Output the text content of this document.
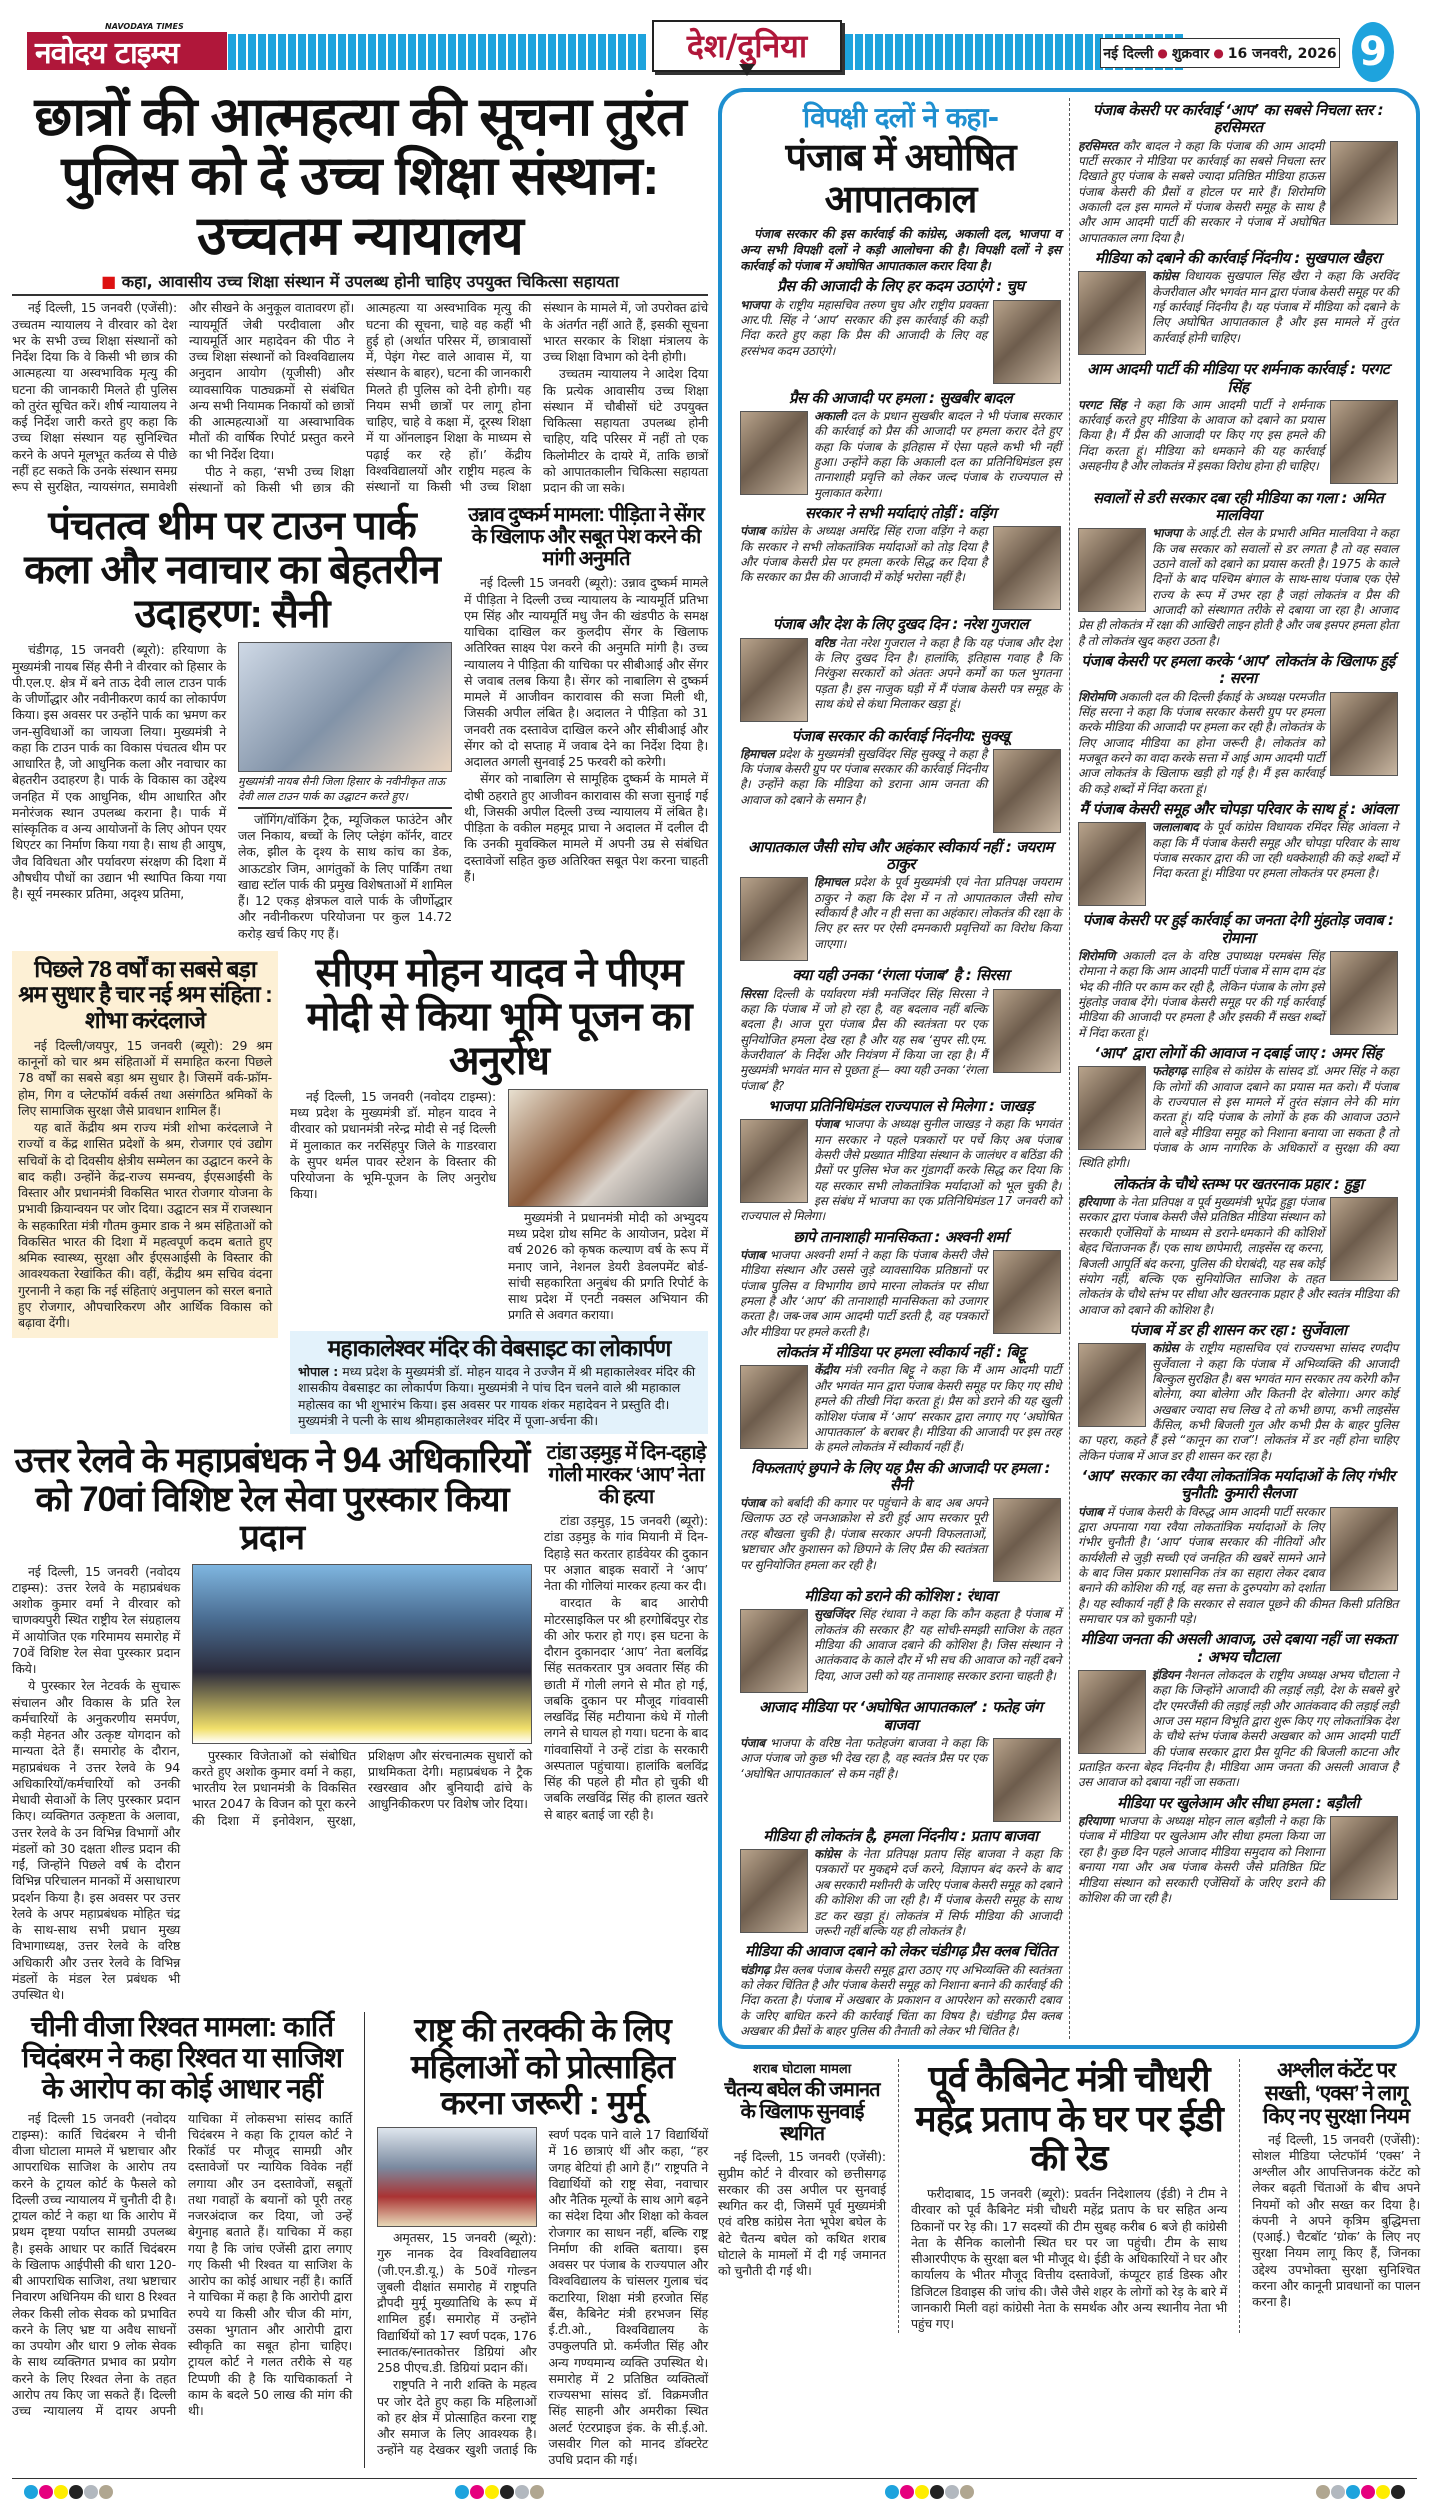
NAVODAYA TIMES
नवोदय टाइम्स	देश/दुनिया	नई दिल्ली ● शुक्रवार ● 16 जनवरी, 2026 9
छात्रों की आत्महत्या की सूचना तुरंत पुलिस को दें उच्च शिक्षा संस्थान: उच्चतम न्यायालय
■ कहा, आवासीय उच्च शिक्षा संस्थान में उपलब्ध होनी चाहिए उपयुक्त चिकित्सा सहायता

नई दिल्ली, 15 जनवरी (एजेंसी): उच्चतम न्यायालय ने वीरवार को देश भर के सभी उच्च शिक्षा संस्थानों को निर्देश दिया कि वे किसी भी छात्र की आत्महत्या या अस्वभाविक मृत्यु की घटना की जानकारी मिलते ही पुलिस को तुरंत सूचित करें। शीर्ष न्यायालय ने कई निर्देश जारी करते हुए कहा कि उच्च शिक्षा संस्थान यह सुनिश्चित करने के अपने मूलभूत कर्तव्य से पीछे नहीं हट सकते कि उनके संस्थान समग्र रूप से सुरक्षित, न्यायसंगत, समावेशी और सीखने के अनुकूल वातावरण हों। न्यायमूर्ति जेबी परदीवाला और न्यायमूर्ति आर महादेवन की पीठ ने उच्च शिक्षा संस्थानों को विश्वविद्यालय अनुदान आयोग (यूजीसी) और व्यावसायिक पाठ्यक्रमों से संबंधित अन्य सभी नियामक निकायों को छात्रों की आत्महत्याओं या अस्वाभाविक मौतों की वार्षिक रिपोर्ट प्रस्तुत करने का भी निर्देश दिया।

पीठ ने कहा, ‘सभी उच्च शिक्षा संस्थानों को किसी भी छात्र की आत्महत्या या अस्वभाविक मृत्यु की घटना की सूचना, चाहे वह कहीं भी हुई हो (अर्थात परिसर में, छात्रावासों में, पेइंग गेस्ट वाले आवास में, या संस्थान के बाहर), घटना की जानकारी मिलते ही पुलिस को देनी होगी। यह नियम सभी छात्रों पर लागू होना चाहिए, चाहे वे कक्षा में, दूरस्थ शिक्षा में या ऑनलाइन शिक्षा के माध्यम से पढ़ाई कर रहे हों।’ केंद्रीय विश्वविद्यालयों और राष्ट्रीय महत्व के संस्थानों या किसी भी उच्च शिक्षा संस्थान के मामले में, जो उपरोक्त ढांचे के अंतर्गत नहीं आते हैं, इसकी सूचना भारत सरकार के शिक्षा मंत्रालय के उच्च शिक्षा विभाग को देनी होगी।

उच्चतम न्यायालय ने आदेश दिया कि प्रत्येक आवासीय उच्च शिक्षा संस्थान में चौबीसों घंटे उपयुक्त चिकित्सा सहायता उपलब्ध होनी चाहिए, यदि परिसर में नहीं तो एक किलोमीटर के दायरे में, ताकि छात्रों को आपातकालीन चिकित्सा सहायता प्रदान की जा सके।

पंचतत्व थीम पर टाउन पार्क कला और नवाचार का बेहतरीन उदाहरण: सैनी

चंडीगढ़, 15 जनवरी (ब्यूरो): हरियाणा के मुख्यमंत्री नायब सिंह सैनी ने वीरवार को हिसार के पी.एल.ए. क्षेत्र में बने ताऊ देवी लाल टाउन पार्क के जीर्णोद्धार और नवीनीकरण कार्य का लोकार्पण किया। इस अवसर पर उन्होंने पार्क का भ्रमण कर जन-सुविधाओं का जायजा लिया। मुख्यमंत्री ने कहा कि टाउन पार्क का विकास पंचतत्व थीम पर आधारित है, जो आधुनिक कला और नवाचार का बेहतरीन उदाहरण है। पार्क के विकास का उद्देश्य जनहित में एक आधुनिक, थीम आधारित और मनोरंजक स्थान उपलब्ध कराना है। पार्क में सांस्कृतिक व अन्य आयोजनों के लिए ओपन एयर थिएटर का निर्माण किया गया है। साथ ही आयुष, जैव विविधता और पर्यावरण संरक्षण की दिशा में औषधीय पौधों का उद्यान भी स्थापित किया गया है। सूर्य नमस्कार प्रतिमा, अदृश्य प्रतिमा,

मुख्यमंत्री नायब सैनी जिला हिसार के नवीनीकृत ताऊ देवी लाल टाउन पार्क का उद्घाटन करते हुए।

जॉगिंग/वॉकिंग ट्रैक, म्यूजिकल फाउंटेन और जल निकाय, बच्चों के लिए प्लेइंग कॉर्नर, वाटर लेक, झील के दृश्य के साथ कांच का डेक, आऊटडोर जिम, आगंतुकों के लिए पार्किंग तथा खाद्य स्टॉल पार्क की प्रमुख विशेषताओं में शामिल हैं। 12 एकड़ क्षेत्रफल वाले पार्क के जीर्णोद्धार और नवीनीकरण परियोजना पर कुल 14.72 करोड़ खर्च किए गए हैं।

उन्नाव दुष्कर्म मामला: पीड़िता ने सेंगर के खिलाफ और सबूत पेश करने की मांगी अनुमति

नई दिल्ली 15 जनवरी (ब्यूरो): उन्नाव दुष्कर्म मामले में पीड़िता ने दिल्ली उच्च न्यायालय के न्यायमूर्ति प्रतिभा एम सिंह और न्यायमूर्ति मधु जैन की खंडपीठ के समक्ष याचिका दाखिल कर कुलदीप सेंगर के खिलाफ अतिरिक्त साक्ष्य पेश करने की अनुमति मांगी है। उच्च न्यायालय ने पीड़िता की याचिका पर सीबीआई और सेंगर से जवाब तलब किया है। सेंगर को नाबालिग से दुष्कर्म मामले में आजीवन कारावास की सजा मिली थी, जिसकी अपील लंबित है। अदालत ने पीड़िता को 31 जनवरी तक दस्तावेज दाखिल करने और सीबीआई और सेंगर को दो सप्ताह में जवाब देने का निर्देश दिया है। अदालत अगली सुनवाई 25 फरवरी को करेगी।

सेंगर को नाबालिग से सामूहिक दुष्कर्म के मामले में दोषी ठहराते हुए आजीवन कारावास की सजा सुनाई गई थी, जिसकी अपील दिल्ली उच्च न्यायालय में लंबित है। पीड़िता के वकील महमूद प्राचा ने अदालत में दलील दी कि उनकी मुवक्किल मामले में अपनी उम्र से संबंधित दस्तावेजों सहित कुछ अतिरिक्त सबूत पेश करना चाहती हैं।

पिछले 78 वर्षों का सबसे बड़ा श्रम सुधार है चार नई श्रम संहिता : शोभा करंदलाजे

नई दिल्ली/जयपुर, 15 जनवरी (ब्यूरो): 29 श्रम कानूनों को चार श्रम संहिताओं में समाहित करना पिछले 78 वर्षों का सबसे बड़ा श्रम सुधार है। जिसमें वर्क-फ्रॉम-होम, गिग व प्लेटफॉर्म वर्कर्स तथा असंगठित श्रमिकों के लिए सामाजिक सुरक्षा जैसे प्रावधान शामिल हैं।

यह बातें केंद्रीय श्रम राज्य मंत्री शोभा करंदलाजे ने राज्यों व केंद्र शासित प्रदेशों के श्रम, रोजगार एवं उद्योग सचिवों के दो दिवसीय क्षेत्रीय सम्मेलन का उद्घाटन करने के बाद कही। उन्होंने केंद्र-राज्य समन्वय, ईएसआईसी के विस्तार और प्रधानमंत्री विकसित भारत रोजगार योजना के प्रभावी क्रियान्वयन पर जोर दिया। उद्घाटन सत्र में राजस्थान के सहकारिता मंत्री गौतम कुमार डाक ने श्रम संहिताओं को विकसित भारत की दिशा में महत्वपूर्ण कदम बताते हुए श्रमिक स्वास्थ्य, सुरक्षा और ईएसआईसी के विस्तार की आवश्यकता रेखांकित की। वहीं, केंद्रीय श्रम सचिव वंदना गुरनानी ने कहा कि नई संहिताएं अनुपालन को सरल बनाते हुए रोजगार, औपचारिकरण और आर्थिक विकास को बढ़ावा देंगी।

सीएम मोहन यादव ने पीएम मोदी से किया भूमि पूजन का अनुरोध

नई दिल्ली, 15 जनवरी (नवोदय टाइम्स): मध्य प्रदेश के मुख्यमंत्री डॉ. मोहन यादव ने वीरवार को प्रधानमंत्री नरेन्द्र मोदी से नई दिल्ली में मुलाकात कर नरसिंहपुर जिले के गाडरवारा के सुपर थर्मल पावर स्टेशन के विस्तार की परियोजना के भूमि-पूजन के लिए अनुरोध किया।

मुख्यमंत्री ने प्रधानमंत्री मोदी को अभ्युदय मध्य प्रदेश ग्रोथ समिट के आयोजन, प्रदेश में वर्ष 2026 को कृषक कल्याण वर्ष के रूप में मनाए जाने, नेशनल डेयरी डेवलपमेंट बोर्ड-सांची सहकारिता अनुबंध की प्रगति रिपोर्ट के साथ प्रदेश में एनटी नक्सल अभियान की प्रगति से अवगत कराया।

महाकालेश्वर मंदिर की वेबसाइट का लोकार्पण
भोपाल : मध्य प्रदेश के मुख्यमंत्री डॉ. मोहन यादव ने उज्जैन में श्री महाकालेश्वर मंदिर की शासकीय वेबसाइट का लोकार्पण किया। मुख्यमंत्री ने पांच दिन चलने वाले श्री महाकाल महोत्सव का भी शुभारंभ किया। इस अवसर पर गायक शंकर महादेवन ने प्रस्तुति दी। मुख्यमंत्री ने पत्नी के साथ श्रीमहाकालेश्वर मंदिर में पूजा-अर्चना की।
उत्तर रेलवे के महाप्रबंधक ने 94 अधिकारियों को 70वां विशिष्ट रेल सेवा पुरस्कार किया प्रदान

नई दिल्ली, 15 जनवरी (नवोदय टाइम्स): उत्तर रेलवे के महाप्रबंधक अशोक कुमार वर्मा ने वीरवार को चाणक्यपुरी स्थित राष्ट्रीय रेल संग्रहालय में आयोजित एक गरिमामय समारोह में 70वें विशिष्ट रेल सेवा पुरस्कार प्रदान किये।

ये पुरस्कार रेल नेटवर्क के सुचारू संचालन और विकास के प्रति रेल कर्मचारियों के अनुकरणीय समर्पण, कड़ी मेहनत और उत्कृष्ट योगदान को मान्यता देते हैं। समारोह के दौरान, महाप्रबंधक ने उत्तर रेलवे के 94 अधिकारियों/कर्मचारियों को उनकी मेधावी सेवाओं के लिए पुरस्कार प्रदान किए। व्यक्तिगत उत्कृष्टता के अलावा, उत्तर रेलवे के उन विभिन्न विभागों और मंडलों को 30 दक्षता शील्ड प्रदान की गईं, जिन्होंने पिछले वर्ष के दौरान विभिन्न परिचालन मानकों में असाधारण प्रदर्शन किया है। इस अवसर पर उत्तर रेलवे के अपर महाप्रबंधक मोहित चंद्र के साथ-साथ सभी प्रधान मुख्य विभागाध्यक्ष, उत्तर रेलवे के वरिष्ठ अधिकारी और उत्तर रेलवे के विभिन्न मंडलों के मंडल रेल प्रबंधक भी उपस्थित थे।

पुरस्कार विजेताओं को संबोधित करते हुए अशोक कुमार वर्मा ने कहा, भारतीय रेल प्रधानमंत्री के विकसित भारत 2047 के विजन को पूरा करने की दिशा में इनोवेशन, सुरक्षा, प्रशिक्षण और संरचनात्मक सुधारों को प्राथमिकता देगी। महाप्रबंधक ने ट्रैक रखरखाव और बुनियादी ढांचे के आधुनिकीकरण पर विशेष जोर दिया।

टांडा उड़मुड़ में दिन-दहाड़े गोली मारकर ‘आप’ नेता की हत्या

टांडा उड़मुड़, 15 जनवरी (ब्यूरो): टांडा उड़मुड़ के गांव मियानी में दिन-दिहाड़े सत करतार हार्डवेयर की दुकान पर अज्ञात बाइक सवारों ने ‘आप’ नेता की गोलियां मारकर हत्या कर दी।

वारदात के बाद आरोपी मोटरसाइकिल पर श्री हरगोबिंदपुर रोड की ओर फरार हो गए। इस घटना के दौरान दुकानदार ‘आप’ नेता बलविंद्र सिंह सतकरतार पुत्र अवतार सिंह की छाती में गोली लगने से मौत हो गई, जबकि दुकान पर मौजूद गांववासी लखविंद्र सिंह मटीयाना कंधे में गोली लगने से घायल हो गया। घटना के बाद गांववासियों ने उन्हें टांडा के सरकारी अस्पताल पहुंचाया। हालांकि बलविंद्र सिंह की पहले ही मौत हो चुकी थी जबकि लखविंद्र सिंह की हालत खतरे से बाहर बताई जा रही है।

चीनी वीजा रिश्वत मामला: कार्ति चिदंबरम ने कहा रिश्वत या साजिश के आरोप का कोई आधार नहीं

नई दिल्ली 15 जनवरी (नवोदय टाइम्स): कार्ति चिदंबरम ने चीनी वीजा घोटाला मामले में भ्रष्टाचार और आपराधिक साजिश के आरोप तय करने के ट्रायल कोर्ट के फैसले को दिल्ली उच्च न्यायालय में चुनौती दी है। ट्रायल कोर्ट ने कहा था कि आरोप में प्रथम दृष्टया पर्याप्त सामग्री उपलब्ध है। इसके आधार पर कार्ति चिदंबरम के खिलाफ आईपीसी की धारा 120-बी आपराधिक साजिश, तथा भ्रष्टाचार निवारण अधिनियम की धारा 8 रिश्वत लेकर किसी लोक सेवक को प्रभावित करने के लिए भ्रष्ट या अवैध साधनों का उपयोग और धारा 9 लोक सेवक के साथ व्यक्तिगत प्रभाव का प्रयोग करने के लिए रिश्वत लेना के तहत आरोप तय किए जा सकते हैं। दिल्ली उच्च न्यायालय में दायर अपनी याचिका में लोकसभा सांसद कार्ति चिदंबरम ने कहा कि ट्रायल कोर्ट ने रिकॉर्ड पर मौजूद सामग्री और दस्तावेजों पर न्यायिक विवेक नहीं लगाया और उन दस्तावेजों, सबूतों तथा गवाहों के बयानों को पूरी तरह नजरअंदाज कर दिया, जो उन्हें बेगुनाह बताते हैं। याचिका में कहा गया है कि जांच एजेंसी द्वारा लगाए गए किसी भी रिश्वत या साजिश के आरोप का कोई आधार नहीं है। कार्ति ने याचिका में कहा है कि आरोपी द्वारा रुपये या किसी और चीज की मांग, उसका भुगतान और आरोपी द्वारा स्वीकृति का सबूत होना चाहिए। ट्रायल कोर्ट ने गलत तरीके से यह टिप्पणी की है कि याचिकाकर्ता ने काम के बदले 50 लाख की मांग की थी।

राष्ट्र की तरक्की के लिए महिलाओं को प्रोत्साहित करना जरूरी : मुर्मू

अमृतसर, 15 जनवरी (ब्यूरो): गुरु नानक देव विश्वविद्यालय (जी.एन.डी.यू.) के 50वें गोल्डन जुबली दीक्षांत समारोह में राष्ट्रपति द्रौपदी मुर्मू मुख्यातिथि के रूप में शामिल हुईं। समारोह में उन्होंने विद्यार्थियों को 17 स्वर्ण पदक, 176 स्नातक/स्नातकोत्तर डिग्रियां और 258 पीएच.डी. डिग्रियां प्रदान कीं।

राष्ट्रपति ने नारी शक्ति के महत्व पर जोर देते हुए कहा कि महिलाओं को हर क्षेत्र में प्रोत्साहित करना राष्ट्र और समाज के लिए आवश्यक है। उन्होंने यह देखकर खुशी जताई कि स्वर्ण पदक पाने वाले 17 विद्यार्थियों में 16 छात्राएं थीं और कहा, “हर जगह बेटियां ही आगे हैं।” राष्ट्रपति ने विद्यार्थियों को राष्ट्र सेवा, नवाचार और नैतिक मूल्यों के साथ आगे बढ़ने का संदेश दिया और शिक्षा को केवल रोजगार का साधन नहीं, बल्कि राष्ट्र निर्माण की शक्ति बताया। इस अवसर पर पंजाब के राज्यपाल और विश्वविद्यालय के चांसलर गुलाब चंद कटारिया, शिक्षा मंत्री हरजोत सिंह बैंस, कैबिनेट मंत्री हरभजन सिंह ई.टी.ओ., विश्वविद्यालय के उपकुलपति प्रो. कर्मजीत सिंह और अन्य गण्यमान्य व्यक्ति उपस्थित थे। समारोह में 2 प्रतिष्ठित व्यक्तित्वों राज्यसभा सांसद डॉ. विक्रमजीत सिंह साहनी और अमरीका स्थित अलर्ट एंटरप्राइज इंक. के सी.ई.ओ. जसवीर गिल को मानद डॉक्टरेट उपधि प्रदान की गई।

विपक्षी दलों ने कहा-
पंजाब में अघोषित आपातकाल

पंजाब सरकार की इस कार्रवाई की कांग्रेस, अकाली दल, भाजपा व अन्य सभी विपक्षी दलों ने कड़ी आलोचना की है। विपक्षी दलों ने इस कार्रवाई को पंजाब में अघोषित आपातकाल करार दिया है।

प्रैस की आजादी के लिए हर कदम उठाएंगे : चुघ

भाजपा के राष्ट्रीय महासचिव तरुण चुघ और राष्ट्रीय प्रवक्ता आर.पी. सिंह ने ‘आप’ सरकार की इस कार्रवाई की कड़ी निंदा करते हुए कहा कि प्रैस की आजादी के लिए वह हरसंभव कदम उठाएंगे।

प्रैस की आजादी पर हमला : सुखबीर बादल

अकाली दल के प्रधान सुखबीर बादल ने भी पंजाब सरकार की कार्रवाई को प्रैस की आजादी पर हमला करार देते हुए कहा कि पंजाब के इतिहास में ऐसा पहले कभी भी नहीं हुआ। उन्होंने कहा कि अकाली दल का प्रतिनिधिमंडल इस तानाशाही प्रवृत्ति को लेकर जल्द पंजाब के राज्यपाल से मुलाकात करेगा।

सरकार ने सभी मर्यादाएं तोड़ीं : वड़िंग

पंजाब कांग्रेस के अध्यक्ष अमरिंद्र सिंह राजा वड़िंग ने कहा कि सरकार ने सभी लोकतांत्रिक मर्यादाओं को तोड़ दिया है और पंजाब केसरी प्रेस पर हमला करके सिद्ध कर दिया है कि सरकार का प्रैस की आजादी में कोई भरोसा नहीं है।

पंजाब और देश के लिए दुखद दिन : नरेश गुजराल

वरिष्ठ नेता नरेश गुजराल ने कहा है कि यह पंजाब और देश के लिए दुखद दिन है। हालांकि, इतिहास गवाह है कि निरंकुश सरकारों को अंततः अपने कर्मों का फल भुगतना पड़ता है। इस नाजुक घड़ी में मैं पंजाब केसरी पत्र समूह के साथ कंधे से कंधा मिलाकर खड़ा हूं।

पंजाब सरकार की कार्रवाई निंदनीय: सुक्खू

हिमाचल प्रदेश के मुख्यमंत्री सुखविंदर सिंह सुक्खू ने कहा है कि पंजाब केसरी ग्रुप पर पंजाब सरकार की कार्रवाई निंदनीय है। उन्होंने कहा कि मीडिया को डराना आम जनता की आवाज को दबाने के समान है।

आपातकाल जैसी सोच और अहंकार स्वीकार्य नहीं : जयराम ठाकुर

हिमाचल प्रदेश के पूर्व मुख्यमंत्री एवं नेता प्रतिपक्ष जयराम ठाकुर ने कहा कि देश में न तो आपातकाल जैसी सोच स्वीकार्य है और न ही सत्ता का अहंकार। लोकतंत्र की रक्षा के लिए हर स्तर पर ऐसी दमनकारी प्रवृत्तियों का विरोध किया जाएगा।

क्या यही उनका ‘रंगला पंजाब’ है : सिरसा

सिरसा दिल्ली के पर्यावरण मंत्री मनजिंदर सिंह सिरसा ने कहा कि पंजाब में जो हो रहा है, वह बदलाव नहीं बल्कि बदला है। आज पूरा पंजाब प्रैस की स्वतंत्रता पर एक सुनियोजित हमला देख रहा है और यह सब ‘सुपर सी.एम. केजरीवाल’ के निर्देश और नियंत्रण में किया जा रहा है। मैं मुख्यमंत्री भगवंत मान से पूछता हूं— क्या यही उनका ‘रंगला पंजाब’ है?

भाजपा प्रतिनिधिमंडल राज्यपाल से मिलेगा : जाखड़

पंजाब भाजपा के अध्यक्ष सुनील जाखड़ ने कहा कि भगवंत मान सरकार ने पहले पत्रकारों पर पर्चे किए अब पंजाब केसरी जैसे प्रख्यात मीडिया संस्थान के जालंधर व बठिंडा की प्रैसों पर पुलिस भेज कर गुंडागर्दी करके सिद्ध कर दिया कि यह सरकार सभी लोकतांत्रिक मर्यादाओं को भूल चुकी है। इस संबंध में भाजपा का एक प्रतिनिधिमंडल 17 जनवरी को राज्यपाल से मिलेगा।

छापे तानाशाही मानसिकता : अश्वनी शर्मा

पंजाब भाजपा अश्वनी शर्मा ने कहा कि पंजाब केसरी जैसे मीडिया संस्थान और उससे जुड़े व्यावसायिक प्रतिष्ठानों पर पंजाब पुलिस व विभागीय छापे मारना लोकतंत्र पर सीधा हमला है और ‘आप’ की तानाशाही मानसिकता को उजागर करता है। जब-जब आम आदमी पार्टी डरती है, वह पत्रकारों और मीडिया पर हमले करती है।

लोकतंत्र में मीडिया पर हमला स्वीकार्य नहीं : बिट्टू

केंद्रीय मंत्री रवनीत बिट्टू ने कहा कि मैं आम आदमी पार्टी और भगवंत मान द्वारा पंजाब केसरी समूह पर किए गए सीधे हमले की तीखी निंदा करता हूं। प्रैस को डराने की यह खुली कोशिश पंजाब में ‘आप’ सरकार द्वारा लगाए गए ‘अघोषित आपातकाल’ के बराबर है। मीडिया की आजादी पर इस तरह के हमले लोकतंत्र में स्वीकार्य नहीं हैं।

विफलताएं छुपाने के लिए यह प्रैस की आजादी पर हमला : सैनी

पंजाब को बर्बादी की कगार पर पहुंचाने के बाद अब अपने खिलाफ उठ रहे जनआक्रोश से डरी हुई आप सरकार पूरी तरह बौखला चुकी है। पंजाब सरकार अपनी विफलताओं, भ्रष्टाचार और कुशासन को छिपाने के लिए प्रैस की स्वतंत्रता पर सुनियोजित हमला कर रही है।

मीडिया को डराने की कोशिश : रंधावा

सुखजिंदर सिंह रंधावा ने कहा कि कौन कहता है पंजाब में लोकतंत्र की सरकार है? यह सोची-समझी साजिश के तहत मीडिया की आवाज दबाने की कोशिश है। जिस संस्थान ने आतंकवाद के काले दौर में भी सच की आवाज को नहीं दबने दिया, आज उसी को यह तानाशाह सरकार डराना चाहती है।

आजाद मीडिया पर ‘अघोषित आपातकाल’ : फतेह जंग बाजवा

पंजाब भाजपा के वरिष्ठ नेता फतेहजंग बाजवा ने कहा कि आज पंजाब जो कुछ भी देख रहा है, वह स्वतंत्र प्रैस पर एक ‘अघोषित आपातकाल’ से कम नहीं है।

मीडिया ही लोकतंत्र है, हमला निंदनीय : प्रताप बाजवा

कांग्रेस के नेता प्रतिपक्ष प्रताप सिंह बाजवा ने कहा कि पत्रकारों पर मुकद्दमे दर्ज करने, विज्ञापन बंद करने के बाद अब सरकारी मशीनरी के जरिए पंजाब केसरी समूह को दबाने की कोशिश की जा रही है। मैं पंजाब केसरी समूह के साथ डट कर खड़ा हूं। लोकतंत्र में सिर्फ मीडिया की आजादी जरूरी नहीं बल्कि यह ही लोकतंत्र है।

मीडिया की आवाज दबाने को लेकर चंडीगढ़ प्रैस क्लब चिंतित

चंडीगढ़ प्रैस क्लब पंजाब केसरी समूह द्वारा उठाए गए अभिव्यक्ति की स्वतंत्रता को लेकर चिंतित है और पंजाब केसरी समूह को निशाना बनाने की कार्रवाई की निंदा करता है। पंजाब में अखबार के प्रकाशन व आपरेशन को सरकारी दबाव के जरिए बाधित करने की कार्रवाई चिंता का विषय है। चंडीगढ़ प्रैस क्लब अखबार की प्रैसों के बाहर पुलिस की तैनाती को लेकर भी चिंतित है।

पंजाब केसरी पर कार्रवाई ‘आप’ का सबसे निचला स्तर : हरसिमरत

हरसिमरत कौर बादल ने कहा कि पंजाब की आम आदमी पार्टी सरकार ने मीडिया पर कार्रवाई का सबसे निचला स्तर दिखाते हुए पंजाब के सबसे ज्यादा प्रतिष्ठित मीडिया हाऊस पंजाब केसरी की प्रैसों व होटल पर मारे हैं। शिरोमणि अकाली दल इस मामले में पंजाब केसरी समूह के साथ है और आम आदमी पार्टी की सरकार ने पंजाब में अघोषित आपातकाल लगा दिया है।

मीडिया को दबाने की कार्रवाई निंदनीय : सुखपाल खैहरा

कांग्रेस विधायक सुखपाल सिंह खैरा ने कहा कि अरविंद केजरीवाल और भगवंत मान द्वारा पंजाब केसरी समूह पर की गई कार्रवाई निंदनीय है। यह पंजाब में मीडिया को दबाने के लिए अघोषित आपातकाल है और इस मामले में तुरंत कार्रवाई होनी चाहिए।

आम आदमी पार्टी की मीडिया पर शर्मनाक कार्रवाई : परगट सिंह

परगट सिंह ने कहा कि आम आदमी पार्टी ने शर्मनाक कार्रवाई करते हुए मीडिया के आवाज को दबाने का प्रयास किया है। मैं प्रैस की आजादी पर किए गए इस हमले की निंदा करता हूं। मीडिया को धमकाने की यह कार्रवाई असहनीय है और लोकतंत्र में इसका विरोध होना ही चाहिए।

सवालों से डरी सरकार दबा रही मीडिया का गला : अमित मालविया

भाजपा के आई.टी. सेल के प्रभारी अमित मालविया ने कहा कि जब सरकार को सवालों से डर लगता है तो वह सवाल उठाने वालों को दबाने का प्रयास करती है। 1975 के काले दिनों के बाद पश्चिम बंगाल के साथ-साथ पंजाब एक ऐसे राज्य के रूप में उभर रहा है जहां लोकतंत्र व प्रैस की आजादी को संस्थागत तरीके से दबाया जा रहा है। आजाद प्रेस ही लोकतंत्र में रक्षा की आखिरी लाइन होती है और जब इसपर हमला होता है तो लोकतंत्र खुद कहरा उठता है।

पंजाब केसरी पर हमला करके ‘आप’ लोकतंत्र के खिलाफ हुई : सरना

शिरोमणि अकाली दल की दिल्ली ईकाई के अध्यक्ष परमजीत सिंह सरना ने कहा कि पंजाब सरकार केसरी ग्रुप पर हमला करके मीडिया की आजादी पर हमला कर रही है। लोकतंत्र के लिए आजाद मीडिया का होना जरूरी है। लोकतंत्र को मजबूत करने का वादा करके सत्ता में आई आम आदमी पार्टी आज लोकतंत्र के खिलाफ खड़ी हो गई है। मैं इस कार्रवाई की कड़े शब्दों में निंदा करता हूं।

मैं पंजाब केसरी समूह और चोपड़ा परिवार के साथ हूं : आंवला

जलालाबाद के पूर्व कांग्रेस विधायक रमिंदर सिंह आंवला ने कहा कि मैं पंजाब केसरी समूह और चोपड़ा परिवार के साथ पंजाब सरकार द्वारा की जा रही धक्केशाही की कड़े शब्दों में निंदा करता हूं। मीडिया पर हमला लोकतंत्र पर हमला है।

पंजाब केसरी पर हुई कार्रवाई का जनता देगी मुंहतोड़ जवाब : रोमाना

शिरोमणि अकाली दल के वरिष्ठ उपाध्यक्ष परमबंस सिंह रोमाना ने कहा कि आम आदमी पार्टी पंजाब में साम दाम दंड भेद की नीति पर काम कर रही है, लेकिन पंजाब के लोग इसे मुंहतोड़ जवाब देंगे। पंजाब केसरी समूह पर की गई कार्रवाई मीडिया की आजादी पर हमला है और इसकी मैं सख्त शब्दों में निंदा करता हूं।

‘आप’ द्वारा लोगों की आवाज न दबाई जाए : अमर सिंह

फतेहगढ़ साहिब से कांग्रेस के सांसद डॉ. अमर सिंह ने कहा कि लोगों की आवाज दबाने का प्रयास मत करो। मैं पंजाब के राज्यपाल से इस मामले में तुरंत संज्ञान लेने की मांग करता हूं। यदि पंजाब के लोगों के हक की आवाज उठाने वाले बड़े मीडिया समूह को निशाना बनाया जा सकता है तो पंजाब के आम नागरिक के अधिकारों व सुरक्षा की क्या स्थिति होगी।

लोकतंत्र के चौथे स्तम्भ पर खतरनाक प्रहार : हुड्डा

हरियाणा के नेता प्रतिपक्ष व पूर्व मुख्यमंत्री भूपेंद्र हुड्डा पंजाब सरकार द्वारा पंजाब केसरी जैसे प्रतिष्ठित मीडिया संस्थान को सरकारी एजेंसियों के माध्यम से डराने-धमकाने की कोशिशें बेहद चिंताजनक हैं। एक साथ छापेमारी, लाइसेंस रद्द करना, बिजली आपूर्ति बंद करना, पुलिस की घेराबंदी, यह सब कोई संयोग नहीं, बल्कि एक सुनियोजित साजिश के तहत लोकतंत्र के चौथे स्तंभ पर सीधा और खतरनाक प्रहार है और स्वतंत्र मीडिया की आवाज को दबाने की कोशिश है।

पंजाब में डर ही शासन कर रहा : सुर्जेवाला

कांग्रेस के राष्ट्रीय महासचिव एवं राज्यसभा सांसद रणदीप सुर्जेवाला ने कहा कि पंजाब में अभिव्यक्ति की आजादी बिल्कुल सुरक्षित है। बस भगवंत मान सरकार तय करेगी कौन बोलेगा, क्या बोलेगा और कितनी देर बोलेगा। अगर कोई अखबार ज्यादा सच लिख दे तो कभी छापा, कभी लाइसेंस कैंसिल, कभी बिजली गुल और कभी प्रैस के बाहर पुलिस का पहरा, कहते हैं इसे “कानून का राज”! लोकतंत्र में डर नहीं होना चाहिए लेकिन पंजाब में आज डर ही शासन कर रहा है।

‘आप’ सरकार का रवैया लोकतांत्रिक मर्यादाओं के लिए गंभीर चुनौती: कुमारी सैलजा

पंजाब में पंजाब केसरी के विरुद्ध आम आदमी पार्टी सरकार द्वारा अपनाया गया रवैया लोकतांत्रिक मर्यादाओं के लिए गंभीर चुनौती है। ‘आप’ पंजाब सरकार की नीतियों और कार्यशैली से जुड़ी सच्ची एवं जनहित की खबरें सामने आने के बाद जिस प्रकार प्रशासनिक तंत्र का सहारा लेकर दबाव बनाने की कोशिश की गई, वह सत्ता के दुरुपयोग को दर्शाता है। यह स्वीकार्य नहीं है कि सरकार से सवाल पूछने की कीमत किसी प्रतिष्ठित समाचार पत्र को चुकानी पड़े।

मीडिया जनता की असली आवाज, उसे दबाया नहीं जा सकता : अभय चौटाला

इंडियन नैशनल लोकदल के राष्ट्रीय अध्यक्ष अभय चौटाला ने कहा कि जिन्होंने आजादी की लड़ाई लड़ी, देश के सबसे बुरे दौर एमरजैंसी की लड़ाई लड़ी और आतंकवाद की लड़ाई लड़ी आज उस महान विभूति द्वारा शुरू किए गए लोकतांत्रिक देश के चौथे स्तंभ पंजाब केसरी अखबार को आम आदमी पार्टी की पंजाब सरकार द्वारा प्रैस यूनिट की बिजली काटना और प्रताड़ित करना बेहद निंदनीय है। मीडिया आम जनता की असली आवाज है उस आवाज को दबाया नहीं जा सकता।

मीडिया पर खुलेआम और सीधा हमला : बड़ौली

हरियाणा भाजपा के अध्यक्ष मोहन लाल बड़ौली ने कहा कि पंजाब में मीडिया पर खुलेआम और सीधा हमला किया जा रहा है। कुछ दिन पहले आजाद मीडिया समुदाय को निशाना बनाया गया और अब पंजाब केसरी जैसे प्रतिष्ठित प्रिंट मीडिया संस्थान को सरकारी एजेंसियों के जरिए डराने की कोशिश की जा रही है।

शराब घोटाला मामला
चैतन्य बघेल की जमानत के खिलाफ सुनवाई स्थगित

नई दिल्ली, 15 जनवरी (एजेंसी): सुप्रीम कोर्ट ने वीरवार को छत्तीसगढ़ सरकार की उस अपील पर सुनवाई स्थगित कर दी, जिसमें पूर्व मुख्यमंत्री एवं वरिष्ठ कांग्रेस नेता भूपेश बघेल के बेटे चैतन्य बघेल को कथित शराब घोटाले के मामलों में दी गई जमानत को चुनौती दी गई थी।

पूर्व कैबिनेट मंत्री चौधरी महेंद्र प्रताप के घर पर ईडी की रेड

फरीदाबाद, 15 जनवरी (ब्यूरो): प्रवर्तन निदेशालय (ईडी) ने टीम ने वीरवार को पूर्व कैबिनेट मंत्री चौधरी महेंद्र प्रताप के घर सहित अन्य ठिकानों पर रेड़ की। 17 सदस्यों की टीम सुबह करीब 6 बजे ही कांग्रेसी नेता के सैनिक कालोनी स्थित घर पर जा पहुंची। टीम के साथ सीआरपीएफ के सुरक्षा बल भी मौजूद थे। ईडी के अधिकारियों ने घर और कार्यालय के भीतर मौजूद वित्तीय दस्तावेजों, कंप्यूटर हार्ड डिस्क और डिजिटल डिवाइस की जांच की। जैसे जैसे शहर के लोगों को रेड़ के बारे में जानकारी मिली वहां कांग्रेसी नेता के समर्थक और अन्य स्थानीय नेता भी पहुंच गए।

अश्लील कंटेंट पर सख्ती, ‘एक्स’ ने लागू किए नए सुरक्षा नियम

नई दिल्ली, 15 जनवरी (एजेंसी): सोशल मीडिया प्लेटफॉर्म ‘एक्स’ ने अश्लील और आपत्तिजनक कंटेंट को लेकर बढ़ती चिंताओं के बीच अपने नियमों को और सख्त कर दिया है। कंपनी ने अपने कृत्रिम बुद्धिमत्ता (एआई.) चैटबॉट ‘ग्रोक’ के लिए नए सुरक्षा नियम लागू किए हैं, जिनका उद्देश्य उपभोक्ता सुरक्षा सुनिश्चित करना और कानूनी प्रावधानों का पालन करना है।
